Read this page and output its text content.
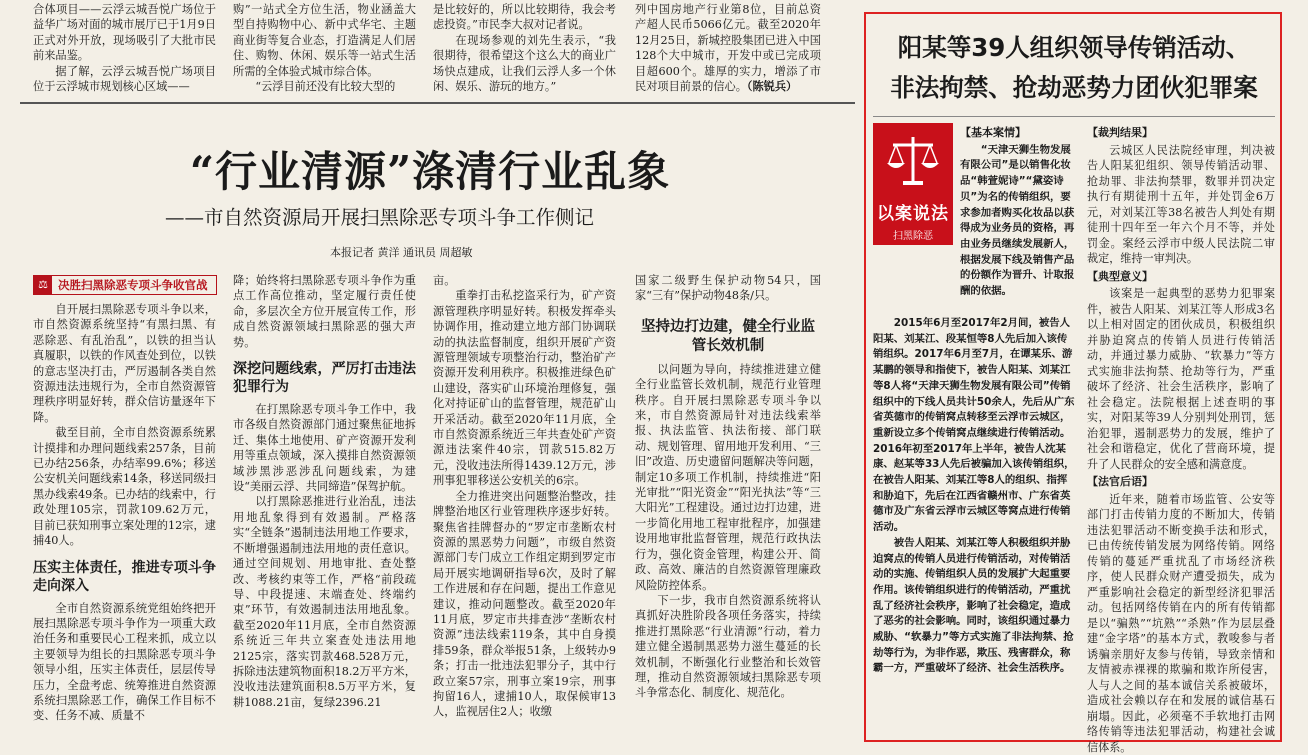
合体项目——云浮云城吾悦广场位于益华广场对面的城市展厅已于1月9日正式对外开放，现场吸引了大批市民前来品鉴。

据了解，云浮云城吾悦广场项目位于云浮城市规划核心区域——

购”一站式全方位生活，物业涵盖大型自持购物中心、新中式华宅、主题商业街等复合业态，打造满足人们居住、购物、休闲、娱乐等一站式生活所需的全体验式城市综合体。

“云浮目前还没有比较大型的

是比较好的，所以比较期待，我会考虑投资。”市民李大叔对记者说。

在现场参观的刘先生表示，“我很期待，很希望这个这么大的商业广场快点建成，让我们云浮人多一个休闲、娱乐、游玩的地方。”

列中国房地产行业第8位，目前总资产超人民币5066亿元。截至2020年12月25日，新城控股集团已进入中国128个大中城市，开发中或已完成项目超600个。雄厚的实力，增添了市民对项目前景的信心。（陈锐兵）

“行业清源”涤清行业乱象
——市自然资源局开展扫黑除恶专项斗争工作侧记
本报记者 黄洋 通讯员 周超敏
⚖ 决胜扫黑除恶专项斗争收官战

自开展扫黑除恶专项斗争以来，市自然资源系统坚持“有黑扫黑、有恶除恶、有乱治乱”，以铁的担当认真履职，以铁的作风查处到位，以铁的意志坚决打击，严厉遏制各类自然资源违法违规行为，全市自然资源管理秩序明显好转，群众信访量逐年下降。

截至目前，全市自然资源系统累计摸排和办理问题线索257条，目前已办结256条，办结率99.6%；移送公安机关问题线索14条，移送同级扫黑办线索49条。已办结的线索中，行政处理105宗，罚款109.62万元，目前已获知刑事立案处理的12宗，逮捕40人。

压实主体责任，推进专项斗争走向深入

全市自然资源系统党组始终把开展扫黑除恶专项斗争作为一项重大政治任务和重要民心工程来抓，成立以主要领导为组长的扫黑除恶专项斗争领导小组，压实主体责任，层层传导压力，全盘考虑、统筹推进自然资源系统扫黑除恶工作，确保工作目标不变、任务不减、质量不

降；始终将扫黑除恶专项斗争作为重点工作高位推动，坚定履行责任使命，多层次全方位开展宣传工作，形成自然资源领域扫黑除恶的强大声势。

深挖问题线索，严厉打击违法犯罪行为

在打黑除恶专项斗争工作中，我市各级自然资源部门通过聚焦征地拆迁、集体土地使用、矿产资源开发利用等重点领域，深入摸排自然资源领域涉黑涉恶涉乱问题线索，为建设“美丽云浮、共同缔造”保驾护航。

以打黑除恶推进行业治乱，违法用地乱象得到有效遏制。严格落实“全链条”遏制违法用地工作要求，不断增强遏制违法用地的责任意识。通过空间规划、用地审批、查处整改、考核约束等工作，严格“前段疏导、中段提速、末端查处、终端约束”环节，有效遏制违法用地乱象。截至2020年11月底，全市自然资源系统近三年共立案查处违法用地2125宗，落实罚款468.528万元，拆除违法建筑物面积18.2万平方米，没收违法建筑面积8.5万平方米，复耕1088.21亩，复绿2396.21

亩。

重拳打击私挖盗采行为，矿产资源管理秩序明显好转。积极发挥牵头协调作用，推动建立地方部门协调联动的执法监督制度，组织开展矿产资源管理领域专项整治行动，整治矿产资源开发利用秩序。积极推进绿色矿山建设，落实矿山环境治理修复，强化对持证矿山的监督管理，规范矿山开采活动。截至2020年11月底，全市自然资源系统近三年共查处矿产资源违法案件40宗，罚款515.82万元，没收违法所得1439.12万元，涉刑事犯罪移送公安机关的6宗。

全力推进突出问题整治整改，挂牌整治地区行业管理秩序逐步好转。聚焦省挂牌督办的“罗定市垄断农村资源的黑恶势力问题”，市级自然资源部门专门成立工作组定期到罗定市局开展实地调研指导6次，及时了解工作进展和存在问题，提出工作意见建议，推动问题整改。截至2020年11月底，罗定市共排查涉“垄断农村资源”违法线索119条，其中自身摸排59条，群众举报51条，上级转办9条；打击一批违法犯罪分子，其中行政立案57宗，刑事立案19宗，刑事拘留16人，逮捕10人，取保候审13人，监视居住2人；收缴

国家二级野生保护动物54只，国家“三有”保护动物48条/只。

坚持边打边建，健全行业监管长效机制

以问题为导向，持续推进建立健全行业监管长效机制，规范行业管理秩序。自开展扫黑除恶专项斗争以来，市自然资源局针对违法线索举报、执法监管、执法衔接、部门联动、规划管理、留用地开发利用、“三旧”改造、历史遗留问题解决等问题，制定10多项工作机制，持续推进“阳光审批”“阳光资金”“阳光执法”等“三大阳光”工程建设。通过边打边建，进一步简化用地工程审批程序，加强建设用地审批监督管理，规范行政执法行为，强化资金管理，构建公开、简政、高效、廉洁的自然资源管理廉政风险防控体系。

下一步，我市自然资源系统将认真抓好决胜阶段各项任务落实，持续推进打黑除恶“行业清源”行动，着力建立健全遏制黑恶势力滋生蔓延的长效机制，不断强化行业整治和长效管理，推动自然资源领域扫黑除恶专项斗争常态化、制度化、规范化。

阳某等39人组织领导传销活动、
非法拘禁、抢劫恶势力团伙犯罪案
以案说法
扫黑除恶
【基本案情】

“天津天狮生物发展有限公司”是以销售化妆品“韩萱妮诗”“黛姿诗贝”为名的传销组织，要求参加者购买化妆品以获得成为业务员的资格，再由业务员继续发展新人，根据发展下线及销售产品的份额作为晋升、计取报酬的依据。

2015年6月至2017年2月间，被告人阳某、刘某江、段某恒等8人先后加入该传销组织。2017年6月至7月，在谭某乐、游某鹏的领导和指使下，被告人阳某、刘某江等8人将“天津天狮生物发展有限公司”传销组织中的下线人员共计50余人，先后从广东省英德市的传销窝点转移至云浮市云城区，重新设立多个传销窝点继续进行传销活动。2016年初至2017年上半年，被告人沈某康、赵某等33人先后被骗加入该传销组织，在被告人阳某、刘某江等8人的组织、指挥和胁迫下，先后在江西省赣州市、广东省英德市及广东省云浮市云城区等窝点进行传销活动。

被告人阳某、刘某江等人积极组织并胁迫窝点的传销人员进行传销活动，对传销活动的实施、传销组织人员的发展扩大起重要作用。该传销组织进行的传销活动，严重扰乱了经济社会秩序，影响了社会稳定，造成了恶劣的社会影响。同时，该组织通过暴力威胁、“软暴力”等方式实施了非法拘禁、抢劫等行为，为非作恶，欺压、残害群众，称霸一方，严重破坏了经济、社会生活秩序。

【裁判结果】

云城区人民法院经审理，判决被告人阳某犯组织、领导传销活动罪、抢劫罪、非法拘禁罪，数罪并罚决定执行有期徒刑十五年，并处罚金6万元，对刘某江等38名被告人判处有期徒刑十四年至一年六个月不等，并处罚金。案经云浮市中级人民法院二审裁定，维持一审判决。

【典型意义】

该案是一起典型的恶势力犯罪案件，被告人阳某、刘某江等人形成3名以上相对固定的团伙成员，积极组织并胁迫窝点的传销人员进行传销活动，并通过暴力威胁、“软暴力”等方式实施非法拘禁、抢劫等行为，严重破坏了经济、社会生活秩序，影响了社会稳定。法院根据上述查明的事实，对阳某等39人分别判处刑罚，惩治犯罪，遏制恶势力的发展，维护了社会和谐稳定，优化了营商环境，提升了人民群众的安全感和满意度。

【法官后语】

近年来，随着市场监管、公安等部门打击传销力度的不断加大，传销违法犯罪活动不断变换手法和形式，已由传统传销发展为网络传销。网络传销的蔓延严重扰乱了市场经济秩序，使人民群众财产遭受损失，成为严重影响社会稳定的新型经济犯罪活动。包括网络传销在内的所有传销都是以“骗熟”“坑熟”“杀熟”作为层层叠建“金字塔”的基本方式，教唆参与者诱骗亲朋好友参与传销，导致亲情和友情被赤裸裸的欺骗和欺诈所侵害，人与人之间的基本诚信关系被破坏，造成社会赖以存在和发展的诚信基石崩塌。因此，必须毫不手软地打击网络传销等违法犯罪活动，构建社会诚信体系。
